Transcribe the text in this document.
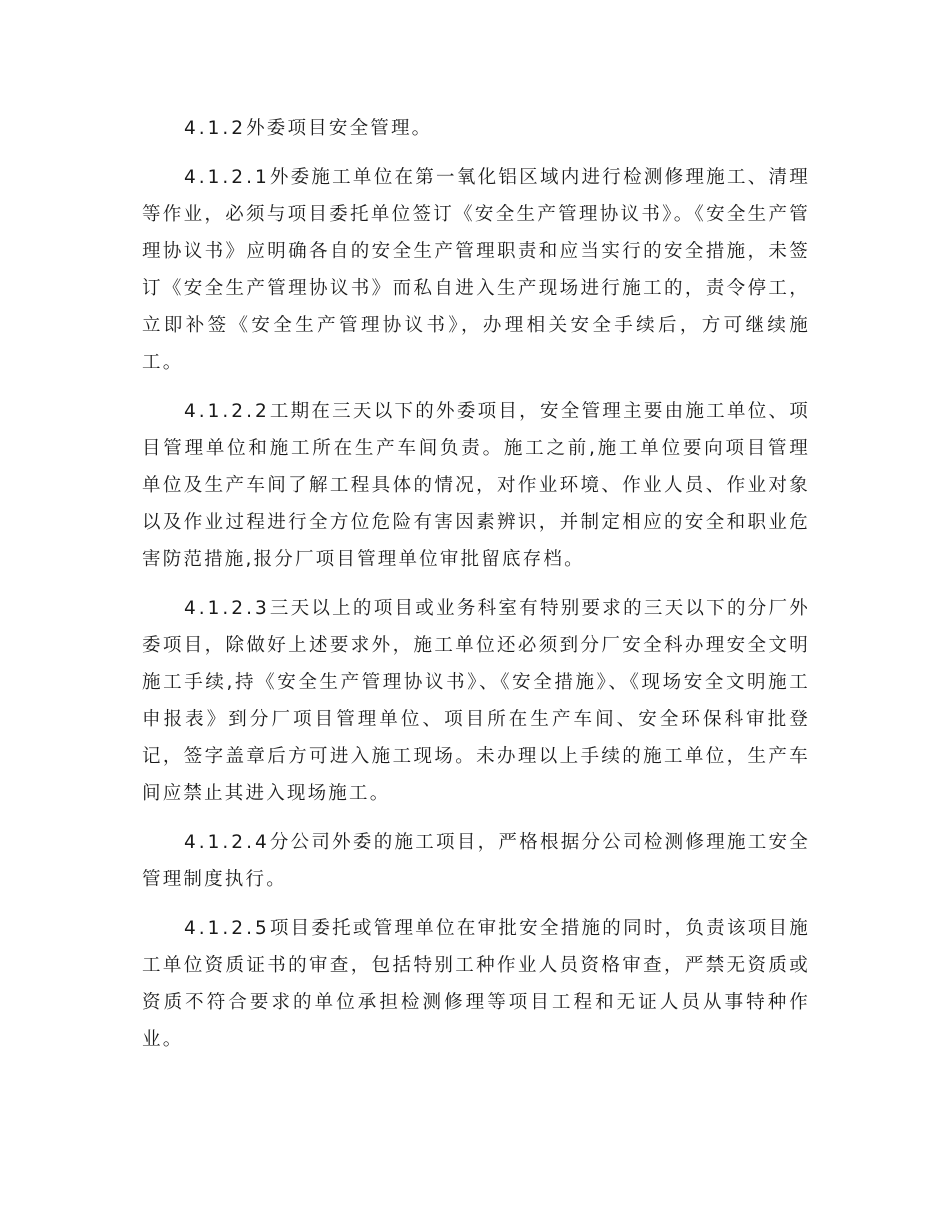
4.1.2外委项目安全管理。

4.1.2.1外委施工单位在第一氧化铝区域内进行检测修理施工、清理等作业，必须与项目委托单位签订《安全生产管理协议书》。《安全生产管理协议书》应明确各自的安全生产管理职责和应当实行的安全措施，未签订《安全生产管理协议书》而私自进入生产现场进行施工的，责令停工，立即补签《安全生产管理协议书》，办理相关安全手续后，方可继续施工。

4.1.2.2工期在三天以下的外委项目，安全管理主要由施工单位、项目管理单位和施工所在生产车间负责。施工之前,施工单位要向项目管理单位及生产车间了解工程具体的情况，对作业环境、作业人员、作业对象以及作业过程进行全方位危险有害因素辨识，并制定相应的安全和职业危害防范措施,报分厂项目管理单位审批留底存档。

4.1.2.3三天以上的项目或业务科室有特别要求的三天以下的分厂外委项目，除做好上述要求外，施工单位还必须到分厂安全科办理安全文明施工手续,持《安全生产管理协议书》、《安全措施》、《现场安全文明施工申报表》到分厂项目管理单位、项目所在生产车间、安全环保科审批登记，签字盖章后方可进入施工现场。未办理以上手续的施工单位，生产车间应禁止其进入现场施工。

4.1.2.4分公司外委的施工项目，严格根据分公司检测修理施工安全管理制度执行。

4.1.2.5项目委托或管理单位在审批安全措施的同时，负责该项目施工单位资质证书的审查，包括特别工种作业人员资格审查，严禁无资质或资质不符合要求的单位承担检测修理等项目工程和无证人员从事特种作业。
